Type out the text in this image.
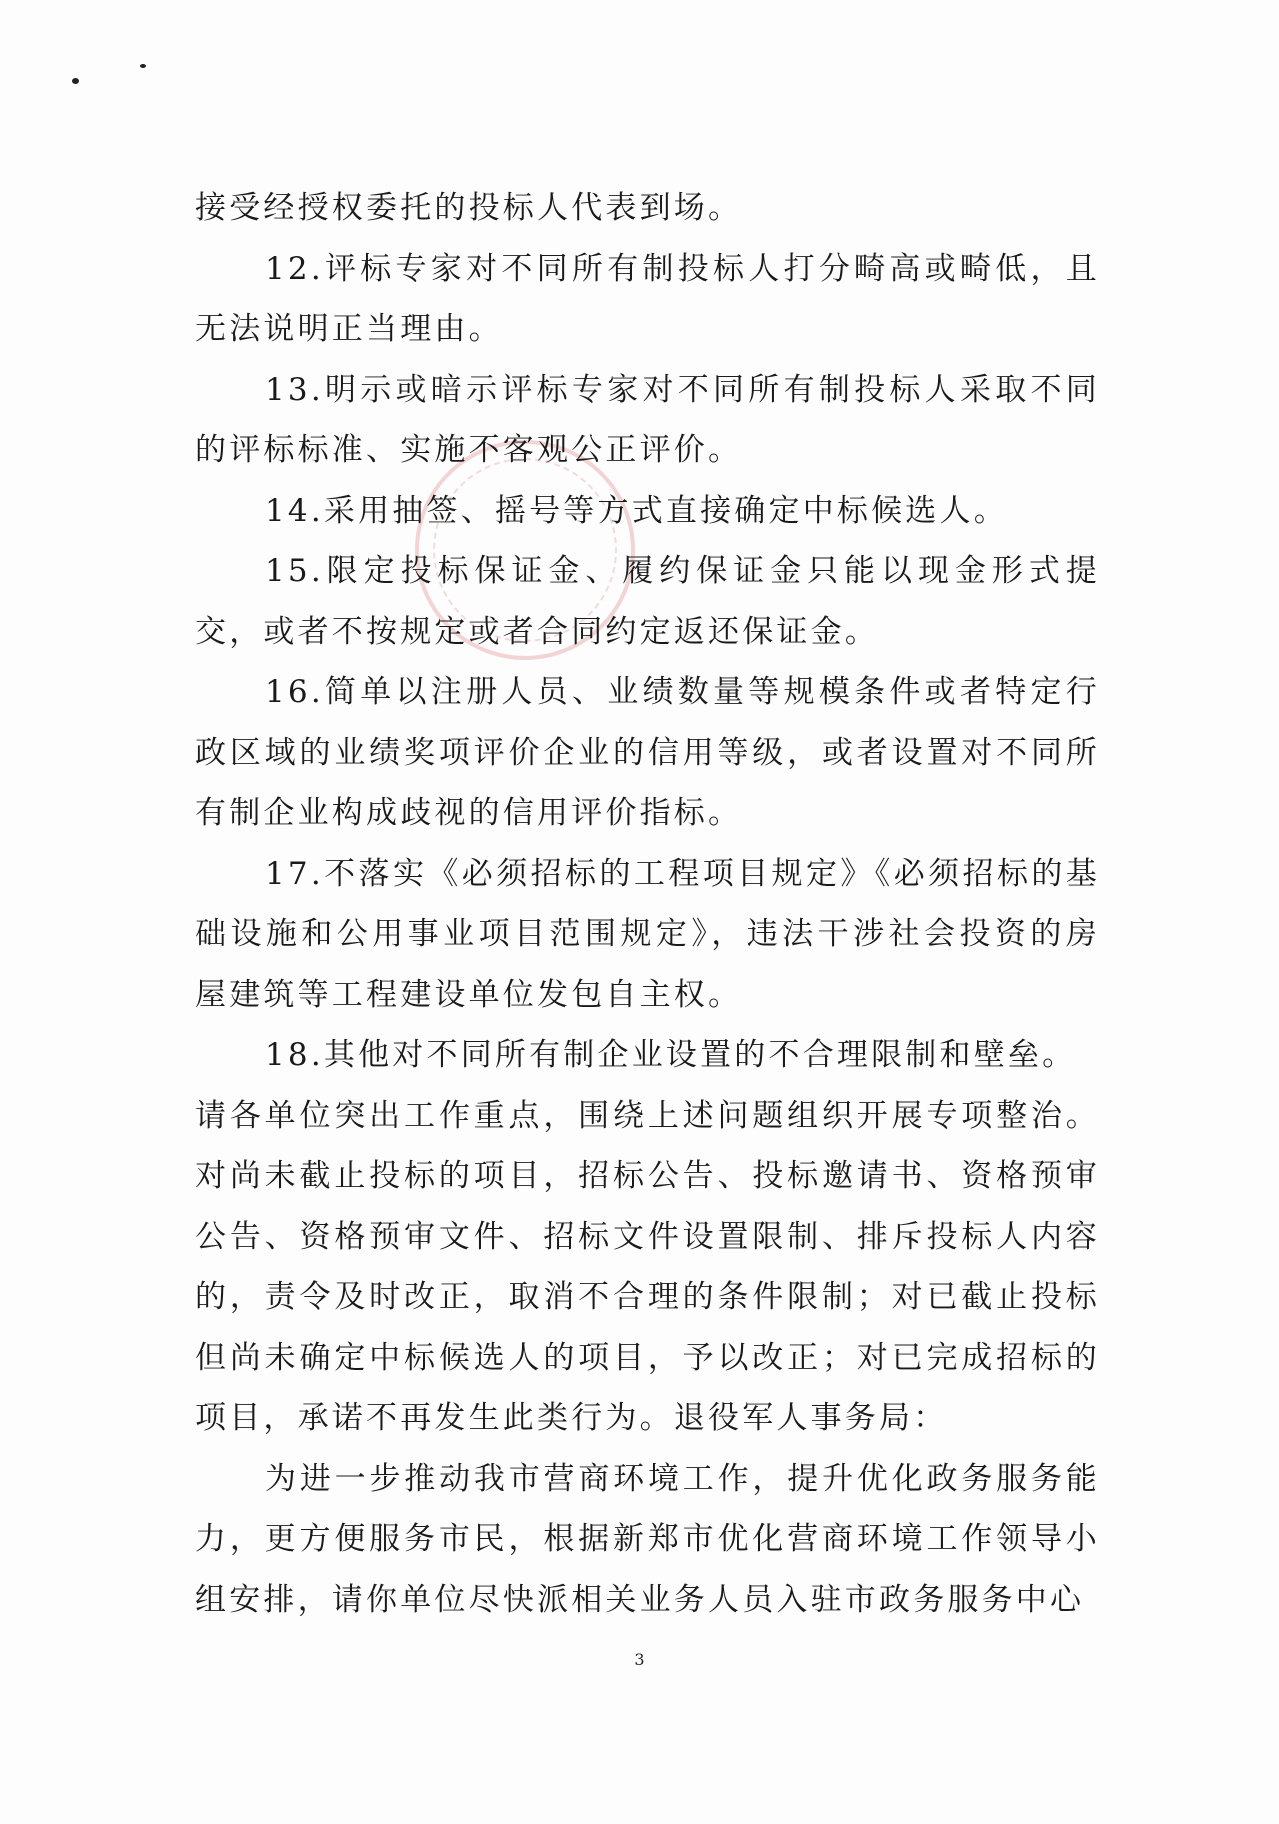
接受经授权委托的投标人代表到场。

12.评标专家对不同所有制投标人打分畸高或畸低，且无法说明正当理由。

13.明示或暗示评标专家对不同所有制投标人采取不同的评标标准、实施不客观公正评价。

14.采用抽签、摇号等方式直接确定中标候选人。

15.限定投标保证金、履约保证金只能以现金形式提交，或者不按规定或者合同约定返还保证金。

16.简单以注册人员、业绩数量等规模条件或者特定行政区域的业绩奖项评价企业的信用等级，或者设置对不同所有制企业构成歧视的信用评价指标。

17.不落实《必须招标的工程项目规定》《必须招标的基础设施和公用事业项目范围规定》，违法干涉社会投资的房屋建筑等工程建设单位发包自主权。

18.其他对不同所有制企业设置的不合理限制和壁垒。

请各单位突出工作重点，围绕上述问题组织开展专项整治。对尚未截止投标的项目，招标公告、投标邀请书、资格预审公告、资格预审文件、招标文件设置限制、排斥投标人内容的，责令及时改正，取消不合理的条件限制；对已截止投标但尚未确定中标候选人的项目，予以改正；对已完成招标的项目，承诺不再发生此类行为。退役军人事务局：

为进一步推动我市营商环境工作，提升优化政务服务能力，更方便服务市民，根据新郑市优化营商环境工作领导小组安排，请你单位尽快派相关业务人员入驻市政务服务中心

3
